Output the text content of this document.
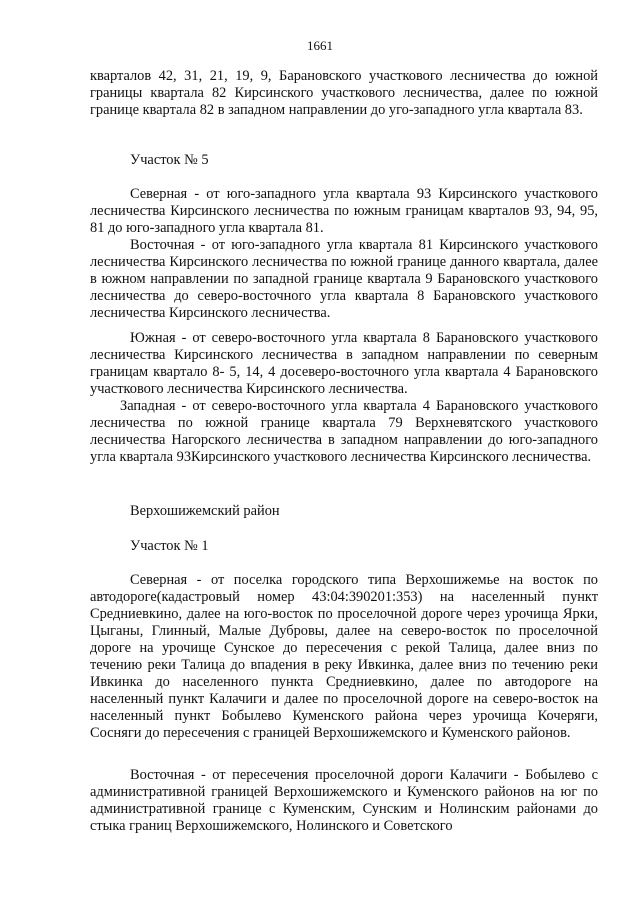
1661

кварталов 42, 31, 21, 19, 9, Барановского участкового лесничества до южной границы квартала 82 Кирсинского участкового лесничества, далее по южной границе квартала 82 в западном направлении до уго-западного угла квартала 83.

Участок № 5

Северная - от юго-западного угла квартала 93 Кирсинского участкового лесничества Кирсинского лесничества по южным границам кварталов 93, 94, 95, 81 до юго-западного угла квартала 81.

Восточная - от юго-западного угла квартала 81 Кирсинского участкового лесничества Кирсинского лесничества по южной границе данного квартала, далее в южном направлении по западной границе квартала 9 Барановского участкового лесничества до северо-восточного угла квартала 8 Барановского участкового лесничества Кирсинского лесничества.

Южная - от северо-восточного угла квартала 8 Барановского участкового лесничества Кирсинского лесничества в западном направлении по северным границам квартало 8- 5, 14, 4 досеверо-восточного угла квартала 4 Барановского участкового лесничества Кирсинского лесничества.

Западная - от северо-восточного угла квартала 4 Барановского участкового лесничества по южной границе квартала 79 Верхневятского участкового лесничества Нагорского лесничества в западном направлении до юго-западного угла квартала 93Кирсинского участкового лесничества Кирсинского лесничества.

Верхошижемский район

Участок № 1

Северная - от поселка городского типа Верхошижемье на восток по автодороге(кадастровый номер 43:04:390201:353) на населенный пункт Средниевкино, далее на юго-восток по проселочной дороге через урочища Ярки, Цыганы, Глинный, Малые Дубровы, далее на северо-восток по проселочной дороге на урочище Сунское до пересечения с рекой Талица, далее вниз по течению реки Талица до впадения в реку Ивкинка, далее вниз по течению реки Ивкинка до населенного пункта Средниевкино, далее по автодороге на населенный пункт Калачиги и далее по проселочной дороге на северо-восток на населенный пункт Бобылево Куменского района через урочища Кочеряги, Сосняги до пересечения с границей Верхошижемского и Куменского районов.

Восточная - от пересечения проселочной дороги Калачиги - Бобылево с административной границей Верхошижемского и Куменского районов на юг по административной границе с Куменским, Сунским и Нолинским районами до стыка границ Верхошижемского, Нолинского и Советского
